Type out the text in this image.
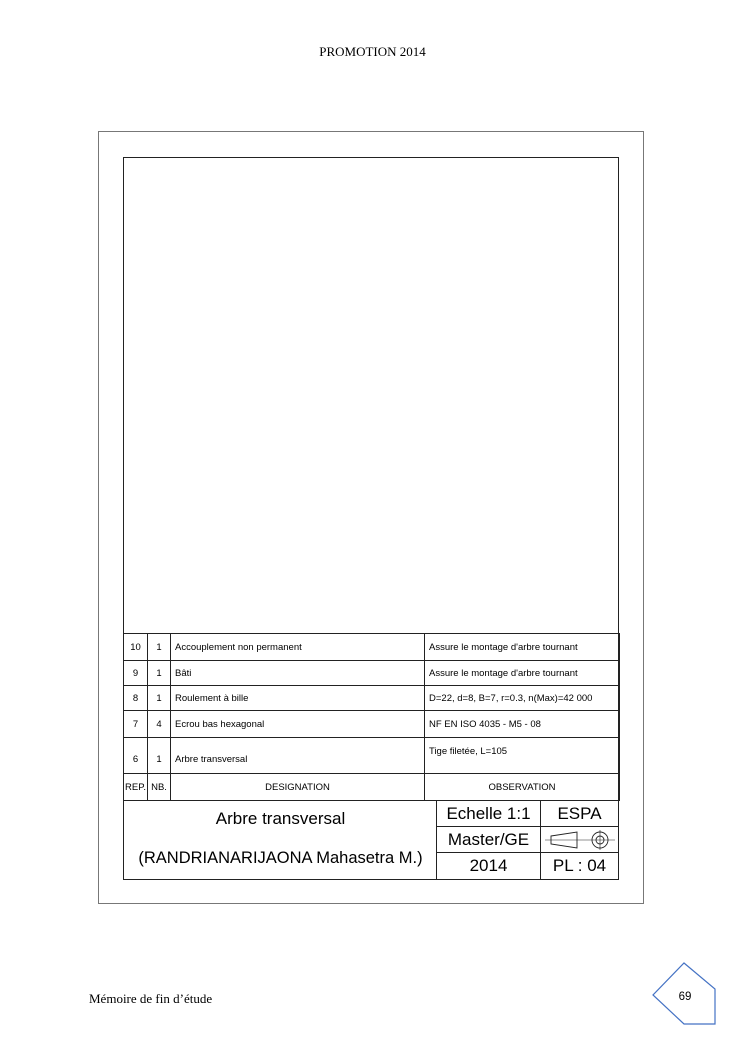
PROMOTION 2014
10	1	Accouplement non permanent	Assure le montage d'arbre tournant
9	1	Bâti	Assure le montage d'arbre tournant
8	1	Roulement à bille	D=22, d=8, B=7, r=0.3, n(Max)=42 000
7	4	Ecrou bas hexagonal	NF EN ISO 4035 - M5 - 08
6	1	Arbre transversal	Tige filetée, L=105
REP.	NB.	DESIGNATION	OBSERVATION
Arbre transversal
(RANDRIANARIJAONA Mahasetra M.)
Echelle 1:1	ESPA
Master/GE
2014	PL : 04
Mémoire de fin d’étude	69
